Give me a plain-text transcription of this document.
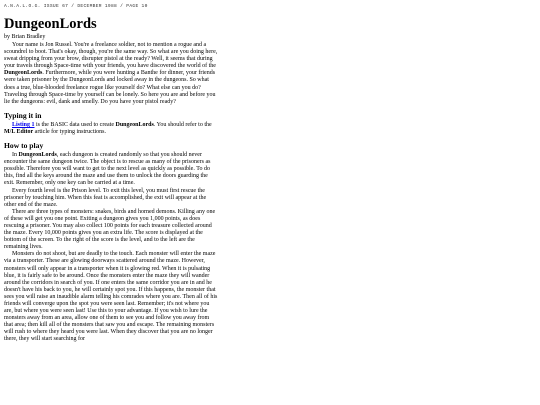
A.N.A.L.O.G. ISSUE 67 / DECEMBER 1988 / PAGE 10
DungeonLords
by Brian Bradley

Your name is Jon Russel. You're a freelance soldier, not to mention a rogue and a scoundrel to boot. That's okay, though, you're the same way. So what are you doing here, sweat dripping from your brow, disrupter pistol at the ready? Well, it seems that during your travels through Space-time with your friends, you have discovered the world of the DungeonLords. Furthermore, while you were hunting a Banthe for dinner, your friends were taken prisoner by the DungeonLords and locked away in the dungeons. So what does a true, blue-blooded freelance rogue like yourself do? What else can you do? Traveling through Space-time by yourself can be lonely. So here you are and before you lie the dungeons: evil, dank and smelly. Do you have your pistol ready?

Typing it in

Listing 1 is the BASIC data used to create DungeonLords. You should refer to the M/L Editor article for typing instructions.

How to play

In DungeonLords, each dungeon is created randomly so that you should never encounter the same dungeon twice. The object is to rescue as many of the prisoners as possible. Therefore you will want to get to the next level as quickly as possible. To do this, find all the keys around the maze and use them to unlock the doors guarding the exit. Remember, only one key can be carried at a time.

Every fourth level is the Prison level. To exit this level, you must first rescue the prisoner by touching him. When this feat is accomplished, the exit will appear at the other end of the maze.

There are three types of monsters: snakes, birds and horned demons. Killing any one of these will get you one point. Exiting a dungeon gives you 1,000 points, as does rescuing a prisoner. You may also collect 100 points for each treasure collected around the maze. Every 10,000 points gives you an extra life. The score is displayed at the bottom of the screen. To the right of the score is the level, and to the left are the remaining lives.

Monsters do not shoot, but are deadly to the touch. Each monster will enter the maze via a transporter. These are glowing doorways scattered around the maze. However, monsters will only appear in a transporter when it is glowing red. When it is pulsating blue, it is fairly safe to be around. Once the monsters enter the maze they will wander around the corridors in search of you. If one enters the same corridor you are in and he doesn't have his back to you, he will certainly spot you. If this happens, the monster that sees you will raise an inaudible alarm telling his comrades where you are. Then all of his friends will converge upon the spot you were seen last. Remember; it's not where you are, but where you were seen last! Use this to your advantage. If you wish to lure the monsters away from an area, allow one of them to see you and follow you away from that area; then kill all of the monsters that saw you and escape. The remaining monsters will rush to where they heard you were last. When they discover that you are no longer there, they will start searching for
